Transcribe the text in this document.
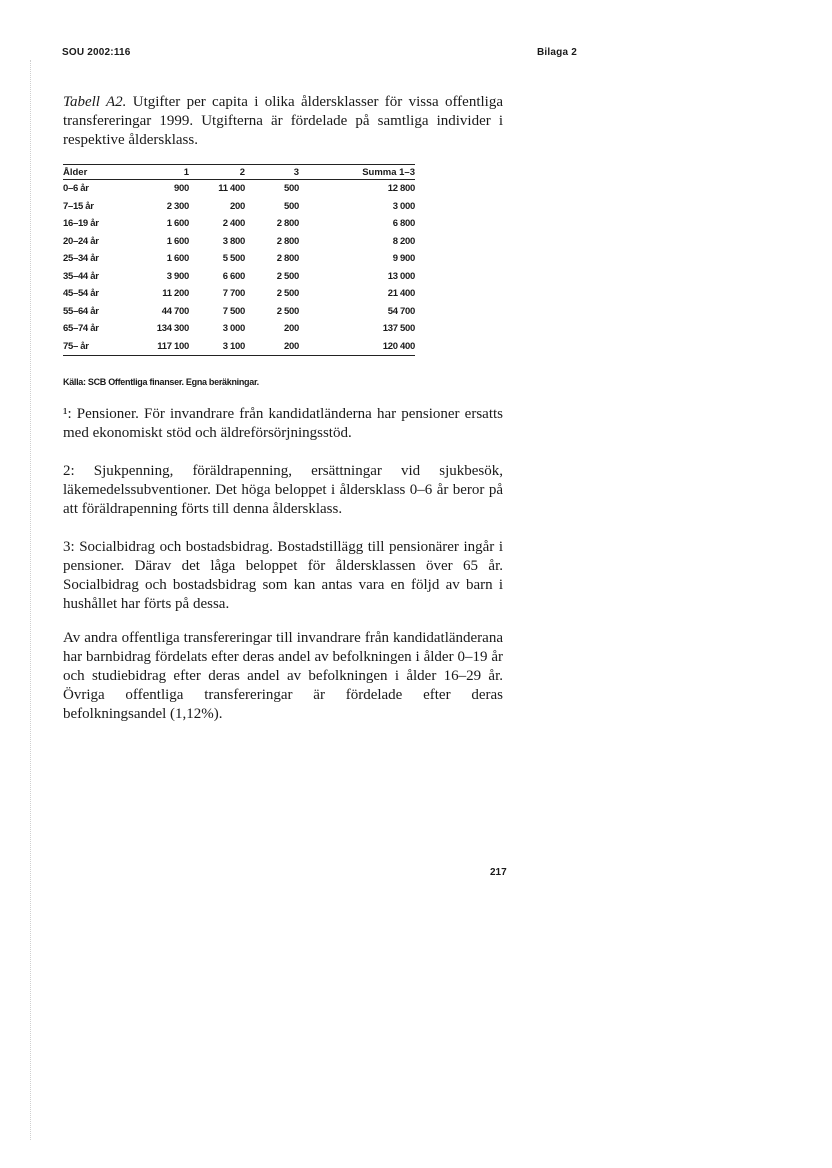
SOU 2002:116	Bilaga 2
Tabell A2. Utgifter per capita i olika åldersklasser för vissa offentliga transfereringar 1999. Utgifterna är fördelade på samtliga individer i respektive åldersklass.
Ålder	1	2	3	Summa 1–3
0–6 år	900	11 400	500	12 800
7–15 år	2 300	200	500	3 000
16–19 år	1 600	2 400	2 800	6 800
20–24 år	1 600	3 800	2 800	8 200
25–34 år	1 600	5 500	2 800	9 900
35–44 år	3 900	6 600	2 500	13 000
45–54 år	11 200	7 700	2 500	21 400
55–64 år	44 700	7 500	2 500	54 700
65–74 år	134 300	3 000	200	137 500
75– år	117 100	3 100	200	120 400
Källa: SCB Offentliga finanser. Egna beräkningar.
¹: Pensioner. För invandrare från kandidatländerna har pensioner ersatts med ekonomiskt stöd och äldreförsörjningsstöd.
2: Sjukpenning, föräldrapenning, ersättningar vid sjukbesök, läkemedelssubventioner. Det höga beloppet i åldersklass 0–6 år beror på att föräldrapenning förts till denna åldersklass.
3: Socialbidrag och bostadsbidrag. Bostadstillägg till pensionärer ingår i pensioner. Därav det låga beloppet för åldersklassen över 65 år. Socialbidrag och bostadsbidrag som kan antas vara en följd av barn i hushållet har förts på dessa.
Av andra offentliga transfereringar till invandrare från kandidatländerana har barnbidrag fördelats efter deras andel av befolkningen i ålder 0–19 år och studiebidrag efter deras andel av befolkningen i ålder 16–29 år. Övriga offentliga transfereringar är fördelade efter deras befolkningsandel (1,12%).
217
